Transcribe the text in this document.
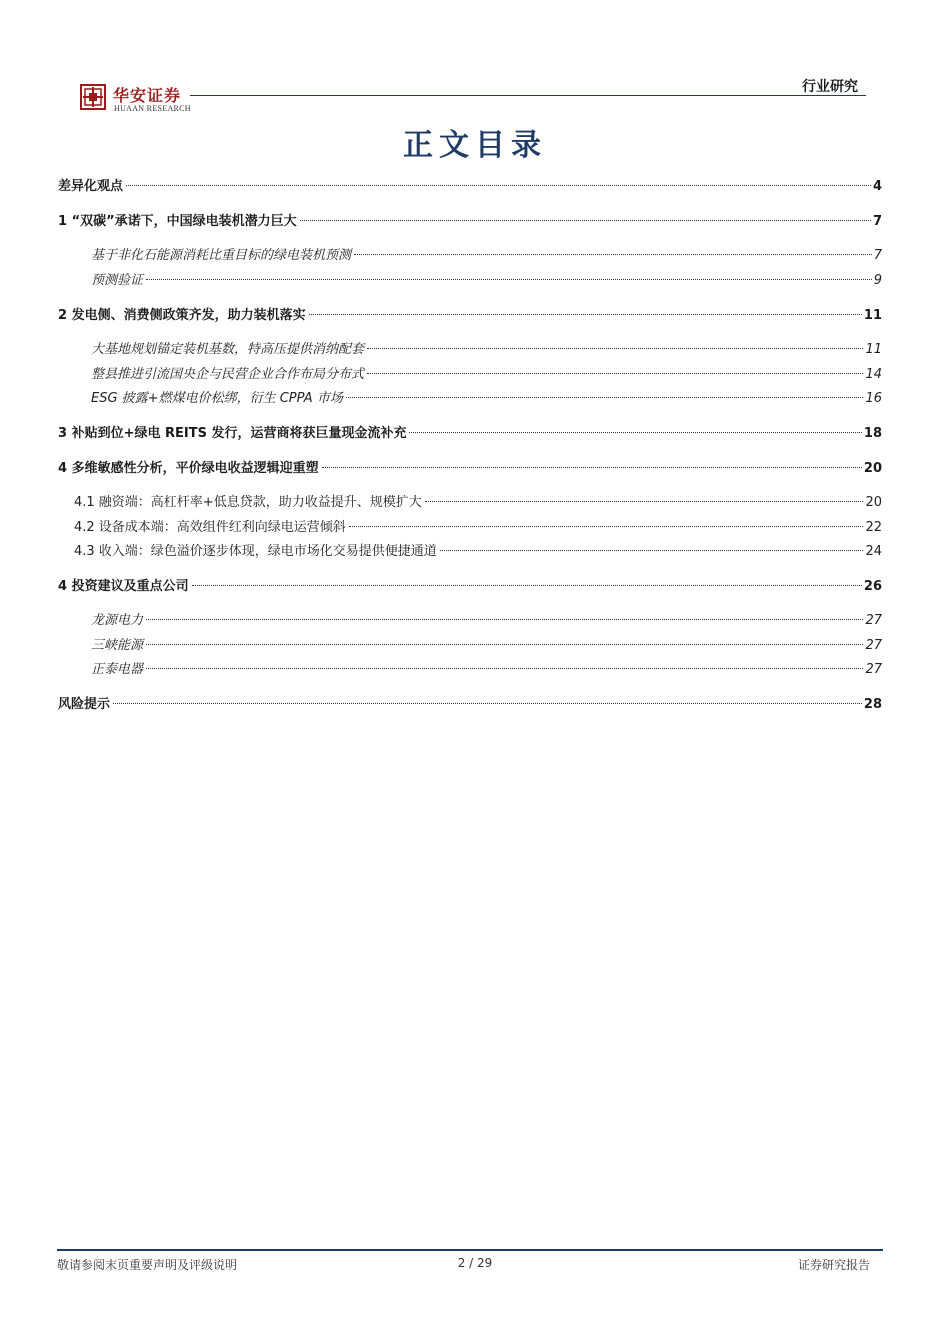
华安证券
HUAAN RESEARCH
行业研究
正文目录
差异化观点	4
1 “双碳”承诺下，中国绿电装机潜力巨大	7
基于非化石能源消耗比重目标的绿电装机预测	7
预测验证	9
2 发电侧、消费侧政策齐发，助力装机落实	11
大基地规划锚定装机基数，特高压提供消纳配套	11
整县推进引流国央企与民营企业合作布局分布式	14
ESG 披露+燃煤电价松绑，衍生 CPPA 市场	16
3 补贴到位+绿电 REITS 发行，运营商将获巨量现金流补充	18
4 多维敏感性分析，平价绿电收益逻辑迎重塑	20
4.1 融资端：高杠杆率+低息贷款，助力收益提升、规模扩大	20
4.2 设备成本端：高效组件红利向绿电运营倾斜	22
4.3 收入端：绿色溢价逐步体现，绿电市场化交易提供便捷通道	24
4 投资建议及重点公司	26
龙源电力	27
三峡能源	27
正泰电器	27
风险提示	28
敬请参阅末页重要声明及评级说明	2 / 29	证券研究报告
